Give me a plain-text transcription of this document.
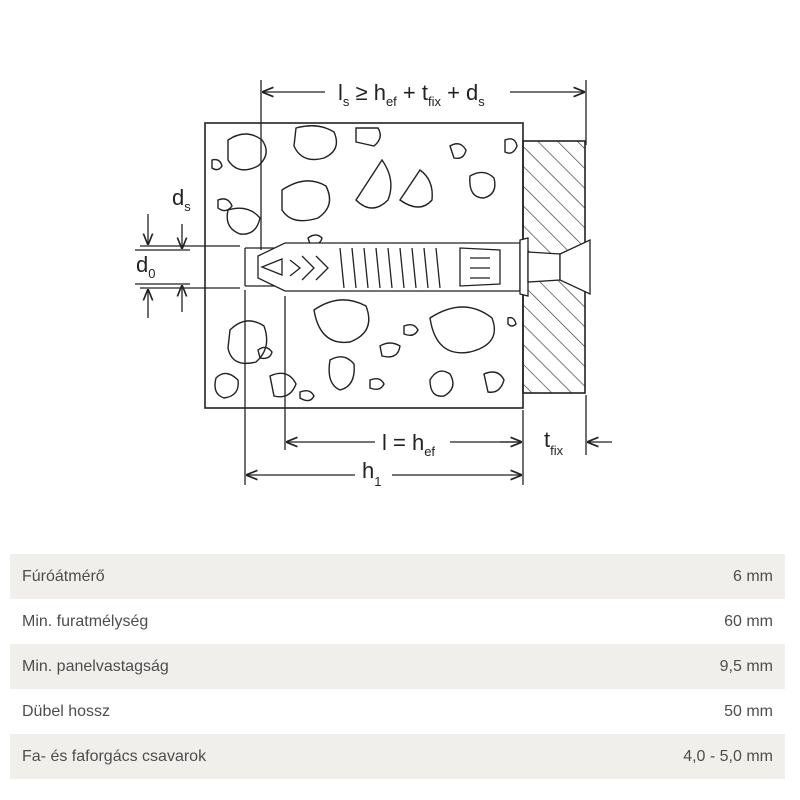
$l_s \ge h_{ef} + t_{fix} + d_s$
$d_s$
$d_0$
$l = h_{ef}$	$t_{fix}$
$h_1$
Fúróátmérő	6 mm
Min. furatmélység	60 mm
Min. panelvastagság	9,5 mm
Dübel hossz	50 mm
Fa- és faforgács csavarok	4,0 - 5,0 mm
